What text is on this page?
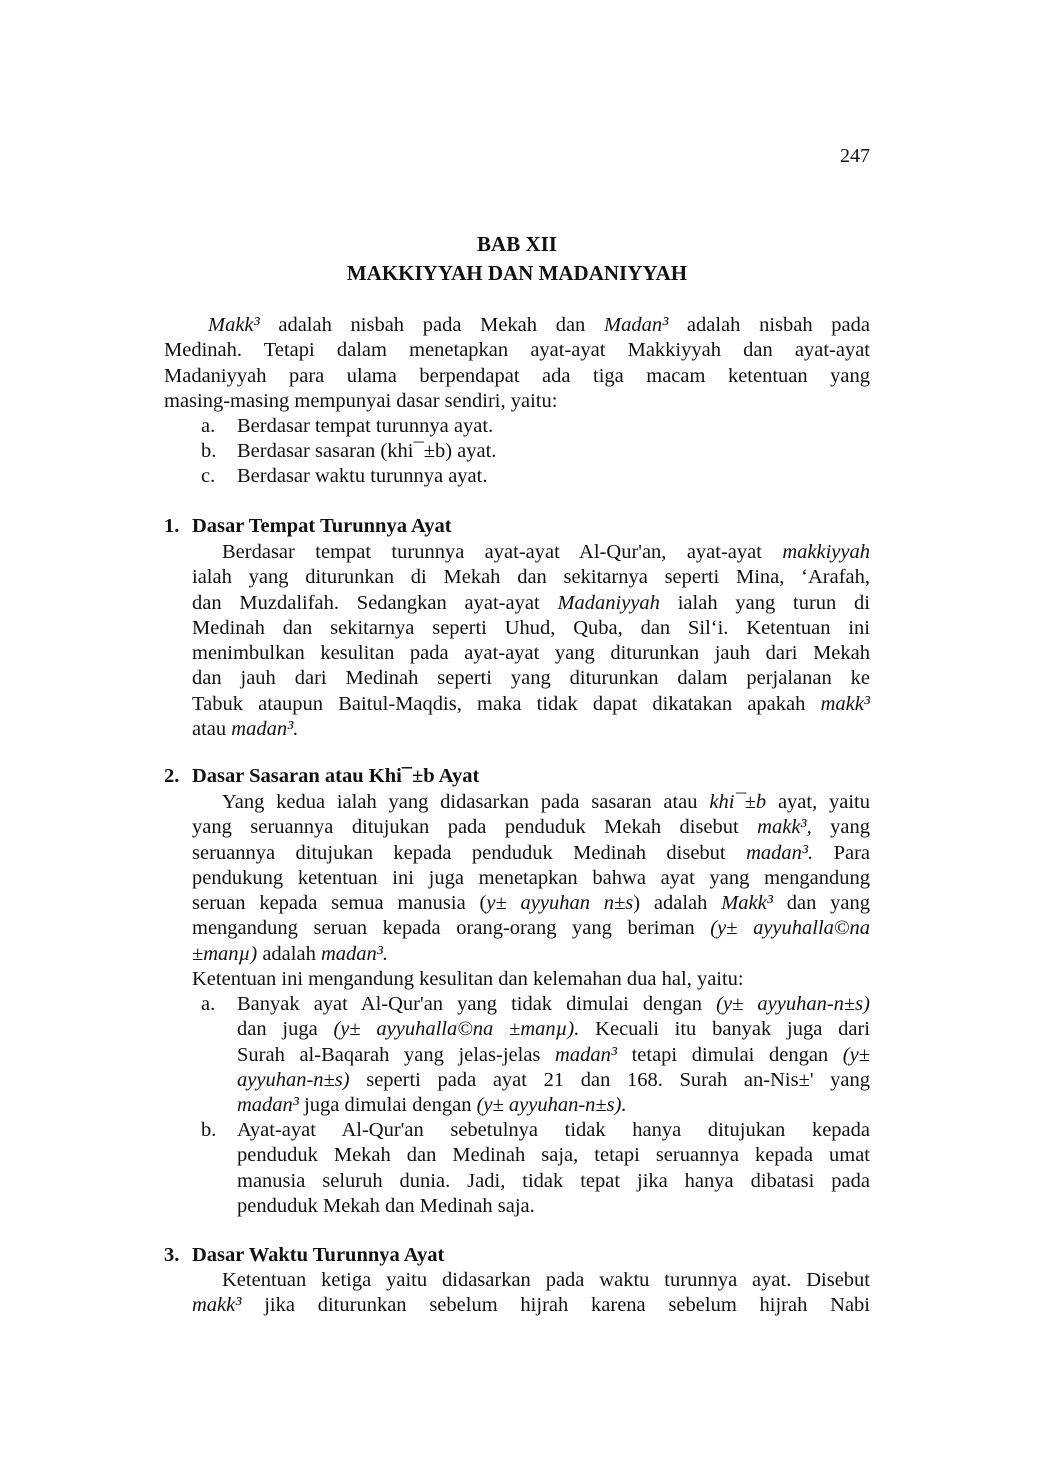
247
BAB XII
MAKKIYYAH DAN MADANIYYAH
Makk³ adalah nisbah pada Mekah dan Madan³ adalah nisbah pada
Medinah. Tetapi dalam menetapkan ayat-ayat Makkiyyah dan ayat-ayat
Madaniyyah para ulama berpendapat ada tiga macam ketentuan yang
masing-masing mempunyai dasar sendiri, yaitu:
a.	Berdasar tempat turunnya ayat.
b.	Berdasar sasaran (khi¯±b) ayat.
c.	Berdasar waktu turunnya ayat.
1. Dasar Tempat Turunnya Ayat
Berdasar tempat turunnya ayat-ayat Al-Qur'an, ayat-ayat makkiyyah
ialah yang diturunkan di Mekah dan sekitarnya seperti Mina, ‘Arafah,
dan Muzdalifah. Sedangkan ayat-ayat Madaniyyah ialah yang turun di
Medinah dan sekitarnya seperti Uhud, Quba, dan Sil‘i. Ketentuan ini
menimbulkan kesulitan pada ayat-ayat yang diturunkan jauh dari Mekah
dan jauh dari Medinah seperti yang diturunkan dalam perjalanan ke
Tabuk ataupun Baitul-Maqdis, maka tidak dapat dikatakan apakah makk³
atau madan³.
2. Dasar Sasaran atau Khi¯±b Ayat
Yang kedua ialah yang didasarkan pada sasaran atau khi¯±b ayat, yaitu
yang seruannya ditujukan pada penduduk Mekah disebut makk³, yang
seruannya ditujukan kepada penduduk Medinah disebut madan³. Para
pendukung ketentuan ini juga menetapkan bahwa ayat yang mengandung
seruan kepada semua manusia (y± ayyuhan n±s) adalah Makk³ dan yang
mengandung seruan kepada orang-orang yang beriman (y± ayyuhalla©na
±manµ) adalah madan³.
Ketentuan ini mengandung kesulitan dan kelemahan dua hal, yaitu:
a.	Banyak ayat Al-Qur'an yang tidak dimulai dengan (y± ayyuhan-n±s)
dan juga (y± ayyuhalla©na ±manµ). Kecuali itu banyak juga dari
Surah al-Baqarah yang jelas-jelas madan³ tetapi dimulai dengan (y±
ayyuhan-n±s) seperti pada ayat 21 dan 168. Surah an-Nis±' yang
madan³ juga dimulai dengan (y± ayyuhan-n±s).
b.	Ayat-ayat Al-Qur'an sebetulnya tidak hanya ditujukan kepada
penduduk Mekah dan Medinah saja, tetapi seruannya kepada umat
manusia seluruh dunia. Jadi, tidak tepat jika hanya dibatasi pada
penduduk Mekah dan Medinah saja.
3. Dasar Waktu Turunnya Ayat
Ketentuan ketiga yaitu didasarkan pada waktu turunnya ayat. Disebut
makk³ jika diturunkan sebelum hijrah karena sebelum hijrah Nabi
